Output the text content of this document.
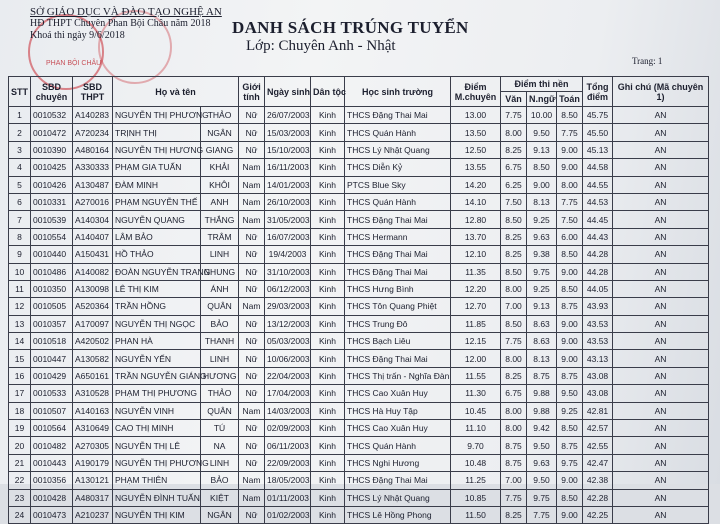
PHAN BỘI CHÂU
SỞ GIÁO DỤC VÀ ĐÀO TẠO NGHỆ AN
HĐ THPT Chuyên Phan Bội Châu năm 2018
Khoá thi ngày 9/6/2018	DANH SÁCH TRÚNG TUYỂN
Lớp: Chuyên Anh - Nhật
Trang: 1
STT	SBD chuyên	SBD THPT	Họ và tên		Giới tính	Ngày sinh	Dân tộc	Học sinh trường	Điểm M.chuyên	Điểm thi nền			Tổng điểm	Ghi chú (Mã chuyên 1)
										Văn	N.ngữ	Toán		
1	0010532	A140283	NGUYỄN THỊ PHƯƠNG	THẢO	Nữ	26/07/2003	Kinh	THCS Đặng Thai Mai	13.00	7.75	10.00	8.50	45.75	AN
2	0010472	A720234	TRỊNH THỊ	NGÂN	Nữ	15/03/2003	Kinh	THCS Quán Hành	13.50	8.00	9.50	7.75	45.50	AN
3	0010390	A480164	NGUYỄN THỊ HƯƠNG	GIANG	Nữ	15/10/2003	Kinh	THCS Lý Nhật Quang	12.50	8.25	9.13	9.00	45.13	AN
4	0010425	A330333	PHẠM GIA TUẤN	KHẢI	Nam	16/11/2003	Kinh	THCS Diễn Kỷ	13.55	6.75	8.50	9.00	44.58	AN
5	0010426	A130487	ĐÀM MINH	KHÔI	Nam	14/01/2003	Kinh	PTCS Blue Sky	14.20	6.25	9.00	8.00	44.55	AN
6	0010331	A270016	PHẠM NGUYỄN THẾ	ANH	Nam	26/10/2003	Kinh	THCS Quán Hành	14.10	7.50	8.13	7.75	44.53	AN
7	0010539	A140304	NGUYỄN QUANG	THẮNG	Nam	31/05/2003	Kinh	THCS Đặng Thai Mai	12.80	8.50	9.25	7.50	44.45	AN
8	0010554	A140407	LÂM BẢO	TRÂM	Nữ	16/07/2003	Kinh	THCS Hermann	13.70	8.25	9.63	6.00	44.43	AN
9	0010440	A150431	HỒ THẢO	LINH	Nữ	19/4/2003	Kinh	THCS Đặng Thai Mai	12.10	8.25	9.38	8.50	44.28	AN
10	0010486	A140082	ĐOÀN NGUYỄN TRANG	NHUNG	Nữ	31/10/2003	Kinh	THCS Đặng Thai Mai	11.35	8.50	9.75	9.00	44.28	AN
11	0010350	A130098	LÊ THỊ KIM	ÁNH	Nữ	06/12/2003	Kinh	THCS Hưng Bình	12.20	8.00	9.25	8.50	44.05	AN
12	0010505	A520364	TRẦN HỒNG	QUÂN	Nam	29/03/2003	Kinh	THCS Tôn Quang Phiệt	12.70	7.00	9.13	8.75	43.93	AN
13	0010357	A170097	NGUYỄN THỊ NGỌC	BẢO	Nữ	13/12/2003	Kinh	THCS Trung Đô	11.85	8.50	8.63	9.00	43.53	AN
14	0010518	A420502	PHAN HÀ	THANH	Nữ	05/03/2003	Kinh	THCS Bạch Liêu	12.15	7.75	8.63	9.00	43.53	AN
15	0010447	A130582	NGUYỄN YẾN	LINH	Nữ	10/06/2003	Kinh	THCS Đặng Thai Mai	12.00	8.00	8.13	9.00	43.13	AN
16	0010429	A650161	TRẦN NGUYỄN GIÁNG	HƯƠNG	Nữ	22/04/2003	Kinh	THCS Thị trấn - Nghĩa Đàn	11.55	8.25	8.75	8.75	43.08	AN
17	0010533	A310528	PHẠM THỊ PHƯƠNG	THẢO	Nữ	17/04/2003	Kinh	THCS Cao Xuân Huy	11.30	6.75	9.88	9.50	43.08	AN
18	0010507	A140163	NGUYỄN VINH	QUÂN	Nam	14/03/2003	Kinh	THCS Hà Huy Tập	10.45	8.00	9.88	9.25	42.81	AN
19	0010564	A310649	CAO THỊ MINH	TÚ	Nữ	02/09/2003	Kinh	THCS Cao Xuân Huy	11.10	8.00	9.42	8.50	42.57	AN
20	0010482	A270305	NGUYỄN THỊ LÊ	NA	Nữ	06/11/2003	Kinh	THCS Quán Hành	9.70	8.75	9.50	8.75	42.55	AN
21	0010443	A190179	NGUYỄN THỊ PHƯƠNG	LINH	Nữ	22/09/2003	Kinh	THCS Nghi Hương	10.48	8.75	9.63	9.75	42.47	AN
22	0010356	A130121	PHẠM THIÊN	BẢO	Nam	18/05/2003	Kinh	THCS Đặng Thai Mai	11.25	7.00	9.50	9.00	42.38	AN
23	0010428	A480317	NGUYỄN ĐÌNH TUẤN	KIỆT	Nam	01/11/2003	Kinh	THCS Lý Nhật Quang	10.85	7.75	9.75	8.50	42.28	AN
24	0010473	A210237	NGUYỄN THỊ KIM	NGÂN	Nữ	01/02/2003	Kinh	THCS Lê Hồng Phong	11.50	8.25	7.75	9.00	42.25	AN
